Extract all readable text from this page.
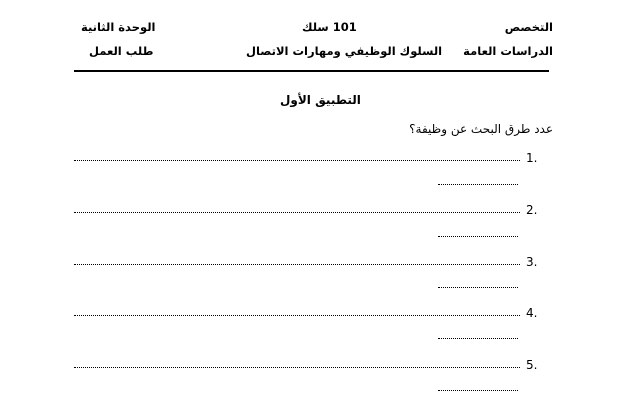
التخصص
الدراسات العامة
101 سلك
السلوك الوظيفي ومهارات الاتصال
الوحدة الثانية
طلب العمل
التطبيق الأول
عدد طرق البحث عن وظيفة؟
1.
2.
3.
4.
5.
